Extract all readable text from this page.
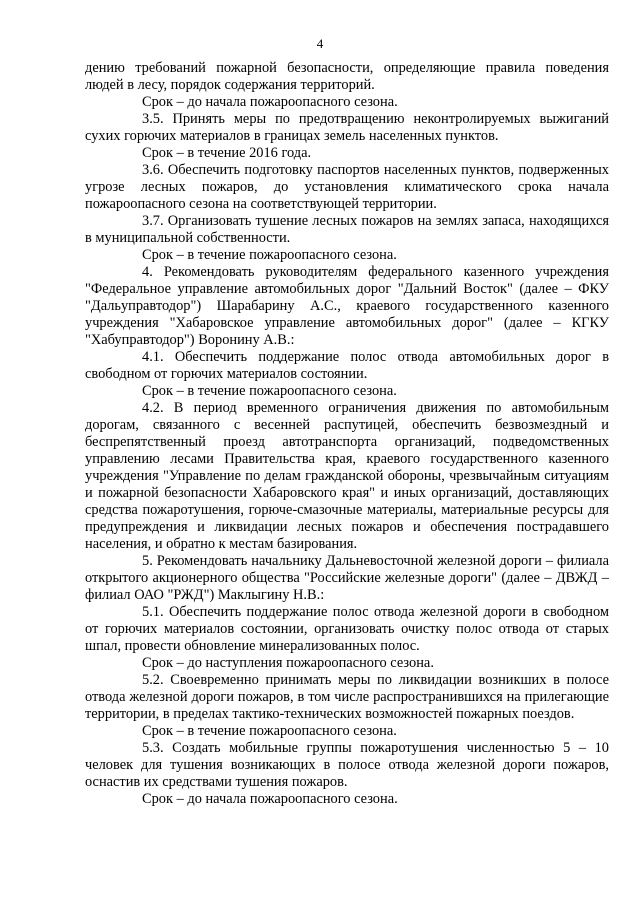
4

дению требований пожарной безопасности, определяющие правила поведения людей в лесу, порядок содержания территорий.

Срок – до начала пожароопасного сезона.

3.5. Принять меры по предотвращению неконтролируемых выжиганий сухих горючих материалов в границах земель населенных пунктов.

Срок – в течение 2016 года.

3.6. Обеспечить подготовку паспортов населенных пунктов, подверженных угрозе лесных пожаров, до установления климатического срока начала пожароопасного сезона на соответствующей территории.

3.7. Организовать тушение лесных пожаров на землях запаса, находящихся в муниципальной собственности.

Срок – в течение пожароопасного сезона.

4. Рекомендовать руководителям федерального казенного учреждения "Федеральное управление автомобильных дорог "Дальний Восток" (далее – ФКУ "Дальуправтодор") Шарабарину А.С., краевого государственного казенного учреждения "Хабаровское управление автомобильных дорог" (далее – КГКУ "Хабуправтодор") Воронину А.В.:

4.1. Обеспечить поддержание полос отвода автомобильных дорог в свободном от горючих материалов состоянии.

Срок – в течение пожароопасного сезона.

4.2. В период временного ограничения движения по автомобильным дорогам, связанного с весенней распутицей, обеспечить безвозмездный и беспрепятственный проезд автотранспорта организаций, подведомственных управлению лесами Правительства края, краевого государственного казенного учреждения "Управление по делам гражданской обороны, чрезвычайным ситуациям и пожарной безопасности Хабаровского края" и иных организаций, доставляющих средства пожаротушения, горюче-смазочные материалы, материальные ресурсы для предупреждения и ликвидации лесных пожаров и обеспечения пострадавшего населения, и обратно к местам базирования.

5. Рекомендовать начальнику Дальневосточной железной дороги – филиала открытого акционерного общества "Российские железные дороги" (далее – ДВЖД – филиал ОАО "РЖД") Маклыгину Н.В.:

5.1. Обеспечить поддержание полос отвода железной дороги в свободном от горючих материалов состоянии, организовать очистку полос отвода от старых шпал, провести обновление минерализованных полос.

Срок – до наступления пожароопасного сезона.

5.2. Своевременно принимать меры по ликвидации возникших в полосе отвода железной дороги пожаров, в том числе распространившихся на прилегающие территории, в пределах тактико-технических возможностей пожарных поездов.

Срок – в течение пожароопасного сезона.

5.3. Создать мобильные группы пожаротушения численностью 5 – 10 человек для тушения возникающих в полосе отвода железной дороги пожаров, оснастив их средствами тушения пожаров.

Срок – до начала пожароопасного сезона.
